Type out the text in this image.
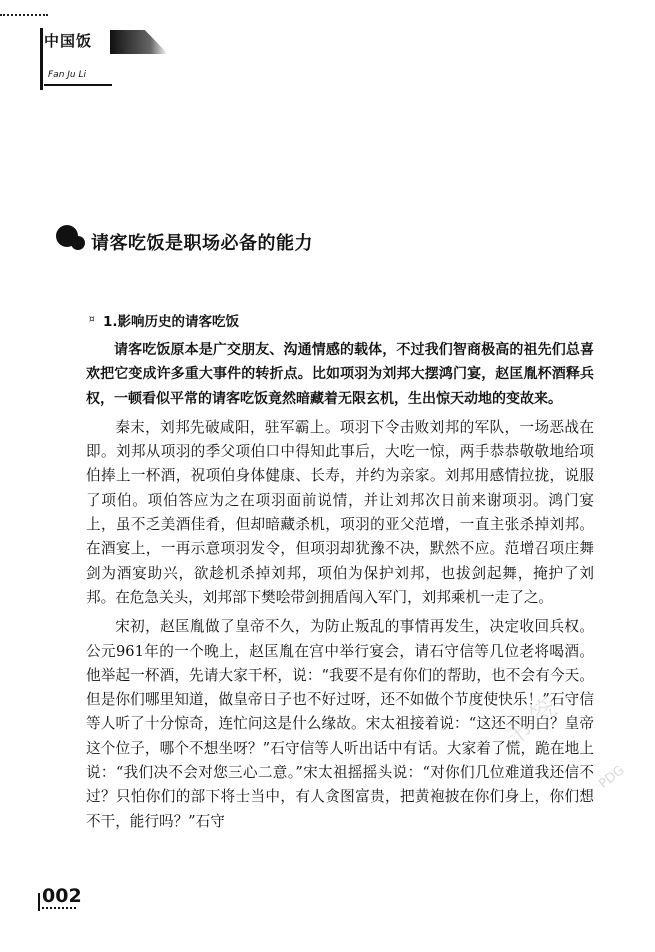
中国饭
Fan Ju Li
请客吃饭是职场必备的能力
¤ 1.影响历史的请客吃饭

请客吃饭原本是广交朋友、沟通情感的载体，不过我们智商极高的祖先们总喜欢把它变成许多重大事件的转折点。比如项羽为刘邦大摆鸿门宴，赵匡胤杯酒释兵权，一顿看似平常的请客吃饭竟然暗藏着无限玄机，生出惊天动地的变故来。

秦末，刘邦先破咸阳，驻军霸上。项羽下令击败刘邦的军队，一场恶战在即。刘邦从项羽的季父项伯口中得知此事后，大吃一惊，两手恭恭敬敬地给项伯捧上一杯酒，祝项伯身体健康、长寿，并约为亲家。刘邦用感情拉拢，说服了项伯。项伯答应为之在项羽面前说情，并让刘邦次日前来谢项羽。鸿门宴上，虽不乏美酒佳肴，但却暗藏杀机，项羽的亚父范增，一直主张杀掉刘邦。在酒宴上，一再示意项羽发令，但项羽却犹豫不决，默然不应。范增召项庄舞剑为酒宴助兴，欲趁机杀掉刘邦，项伯为保护刘邦，也拔剑起舞，掩护了刘邦。在危急关头，刘邦部下樊哙带剑拥盾闯入军门，刘邦乘机一走了之。

宋初，赵匡胤做了皇帝不久，为防止叛乱的事情再发生，决定收回兵权。公元961年的一个晚上，赵匡胤在宫中举行宴会，请石守信等几位老将喝酒。他举起一杯酒，先请大家干杯，说：“我要不是有你们的帮助，也不会有今天。但是你们哪里知道，做皇帝日子也不好过呀，还不如做个节度使快乐！”石守信等人听了十分惊奇，连忙问这是什么缘故。宋太祖接着说：“这还不明白？皇帝这个位子，哪个不想坐呀？”石守信等人听出话中有话。大家着了慌，跪在地上说：“我们决不会对您三心二意。”宋太祖摇摇头说：“对你们几位难道我还信不过？只怕你们的部下将士当中，有人贪图富贵，把黄袍披在你们身上，你们想不干，能行吗？”石守

书签
PDG
002
